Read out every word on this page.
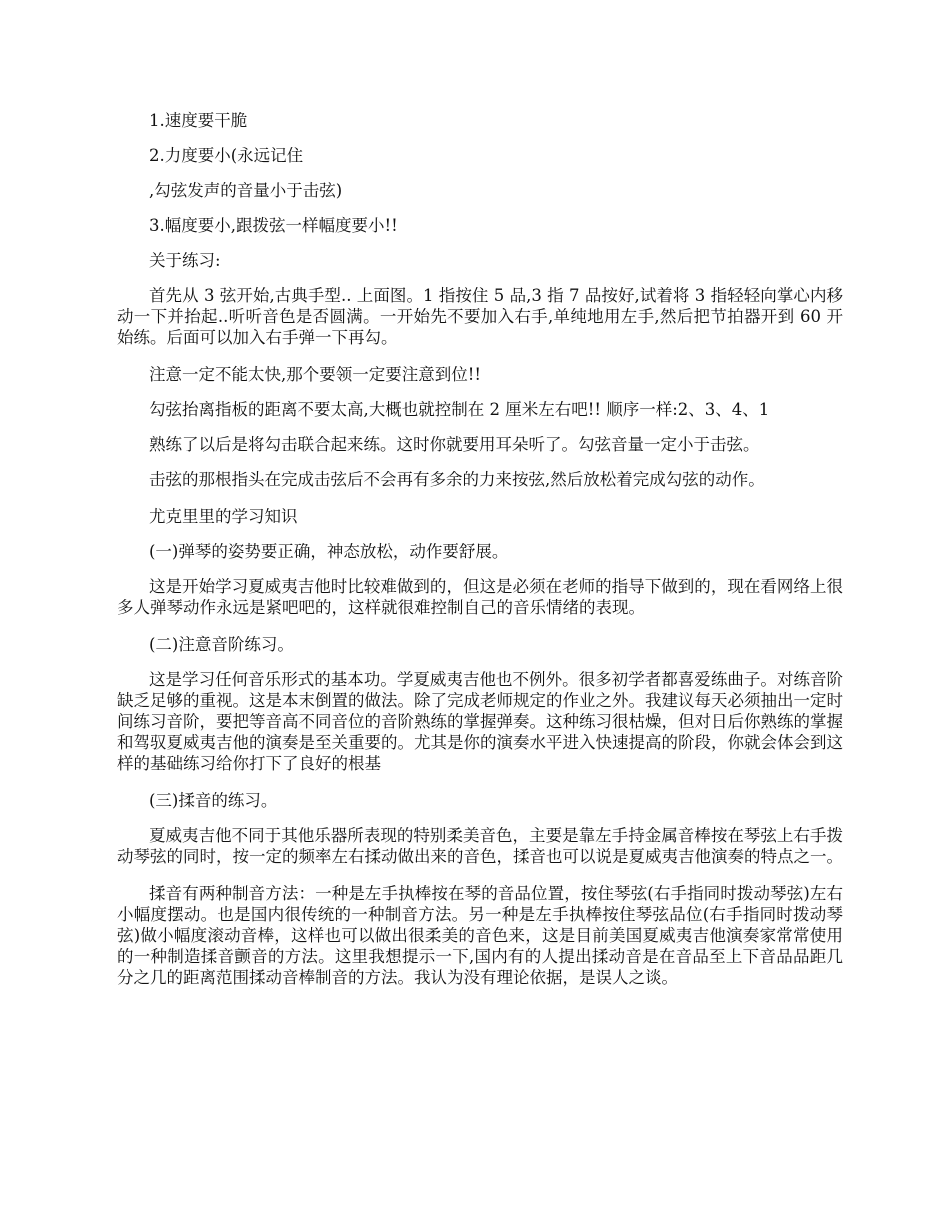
1.速度要干脆

2.力度要小(永远记住

,勾弦发声的音量小于击弦)

3.幅度要小,跟拨弦一样幅度要小!!

关于练习:

首先从 3 弦开始,古典手型.. 上面图。1 指按住 5 品,3 指 7 品按好,试着将 3 指轻轻向掌心内移动一下并抬起..听听音色是否圆满。一开始先不要加入右手,单纯地用左手,然后把节拍器开到 60 开始练。后面可以加入右手弹一下再勾。

注意一定不能太快,那个要领一定要注意到位!!

勾弦抬离指板的距离不要太高,大概也就控制在 2 厘米左右吧!! 顺序一样:2、3、4、1

熟练了以后是将勾击联合起来练。这时你就要用耳朵听了。勾弦音量一定小于击弦。

击弦的那根指头在完成击弦后不会再有多余的力来按弦,然后放松着完成勾弦的动作。

尤克里里的学习知识

(一)弹琴的姿势要正确，神态放松，动作要舒展。

这是开始学习夏威夷吉他时比较难做到的，但这是必须在老师的指导下做到的，现在看网络上很多人弹琴动作永远是紧吧吧的，这样就很难控制自己的音乐情绪的表现。

(二)注意音阶练习。

这是学习任何音乐形式的基本功。学夏威夷吉他也不例外。很多初学者都喜爱练曲子。对练音阶缺乏足够的重视。这是本末倒置的做法。除了完成老师规定的作业之外。我建议每天必须抽出一定时间练习音阶，要把等音高不同音位的音阶熟练的掌握弹奏。这种练习很枯燥，但对日后你熟练的掌握和驾驭夏威夷吉他的演奏是至关重要的。尤其是你的演奏水平进入快速提高的阶段，你就会体会到这样的基础练习给你打下了良好的根基

(三)揉音的练习。

夏威夷吉他不同于其他乐器所表现的特别柔美音色，主要是靠左手持金属音棒按在琴弦上右手拨动琴弦的同时，按一定的频率左右揉动做出来的音色，揉音也可以说是夏威夷吉他演奏的特点之一。

揉音有两种制音方法：一种是左手执棒按在琴的音品位置，按住琴弦(右手指同时拨动琴弦)左右小幅度摆动。也是国内很传统的一种制音方法。另一种是左手执棒按住琴弦品位(右手指同时拨动琴弦)做小幅度滚动音棒，这样也可以做出很柔美的音色来，这是目前美国夏威夷吉他演奏家常常使用的一种制造揉音颤音的方法。这里我想提示一下,国内有的人提出揉动音是在音品至上下音品品距几分之几的距离范围揉动音棒制音的方法。我认为没有理论依据，是误人之谈。
